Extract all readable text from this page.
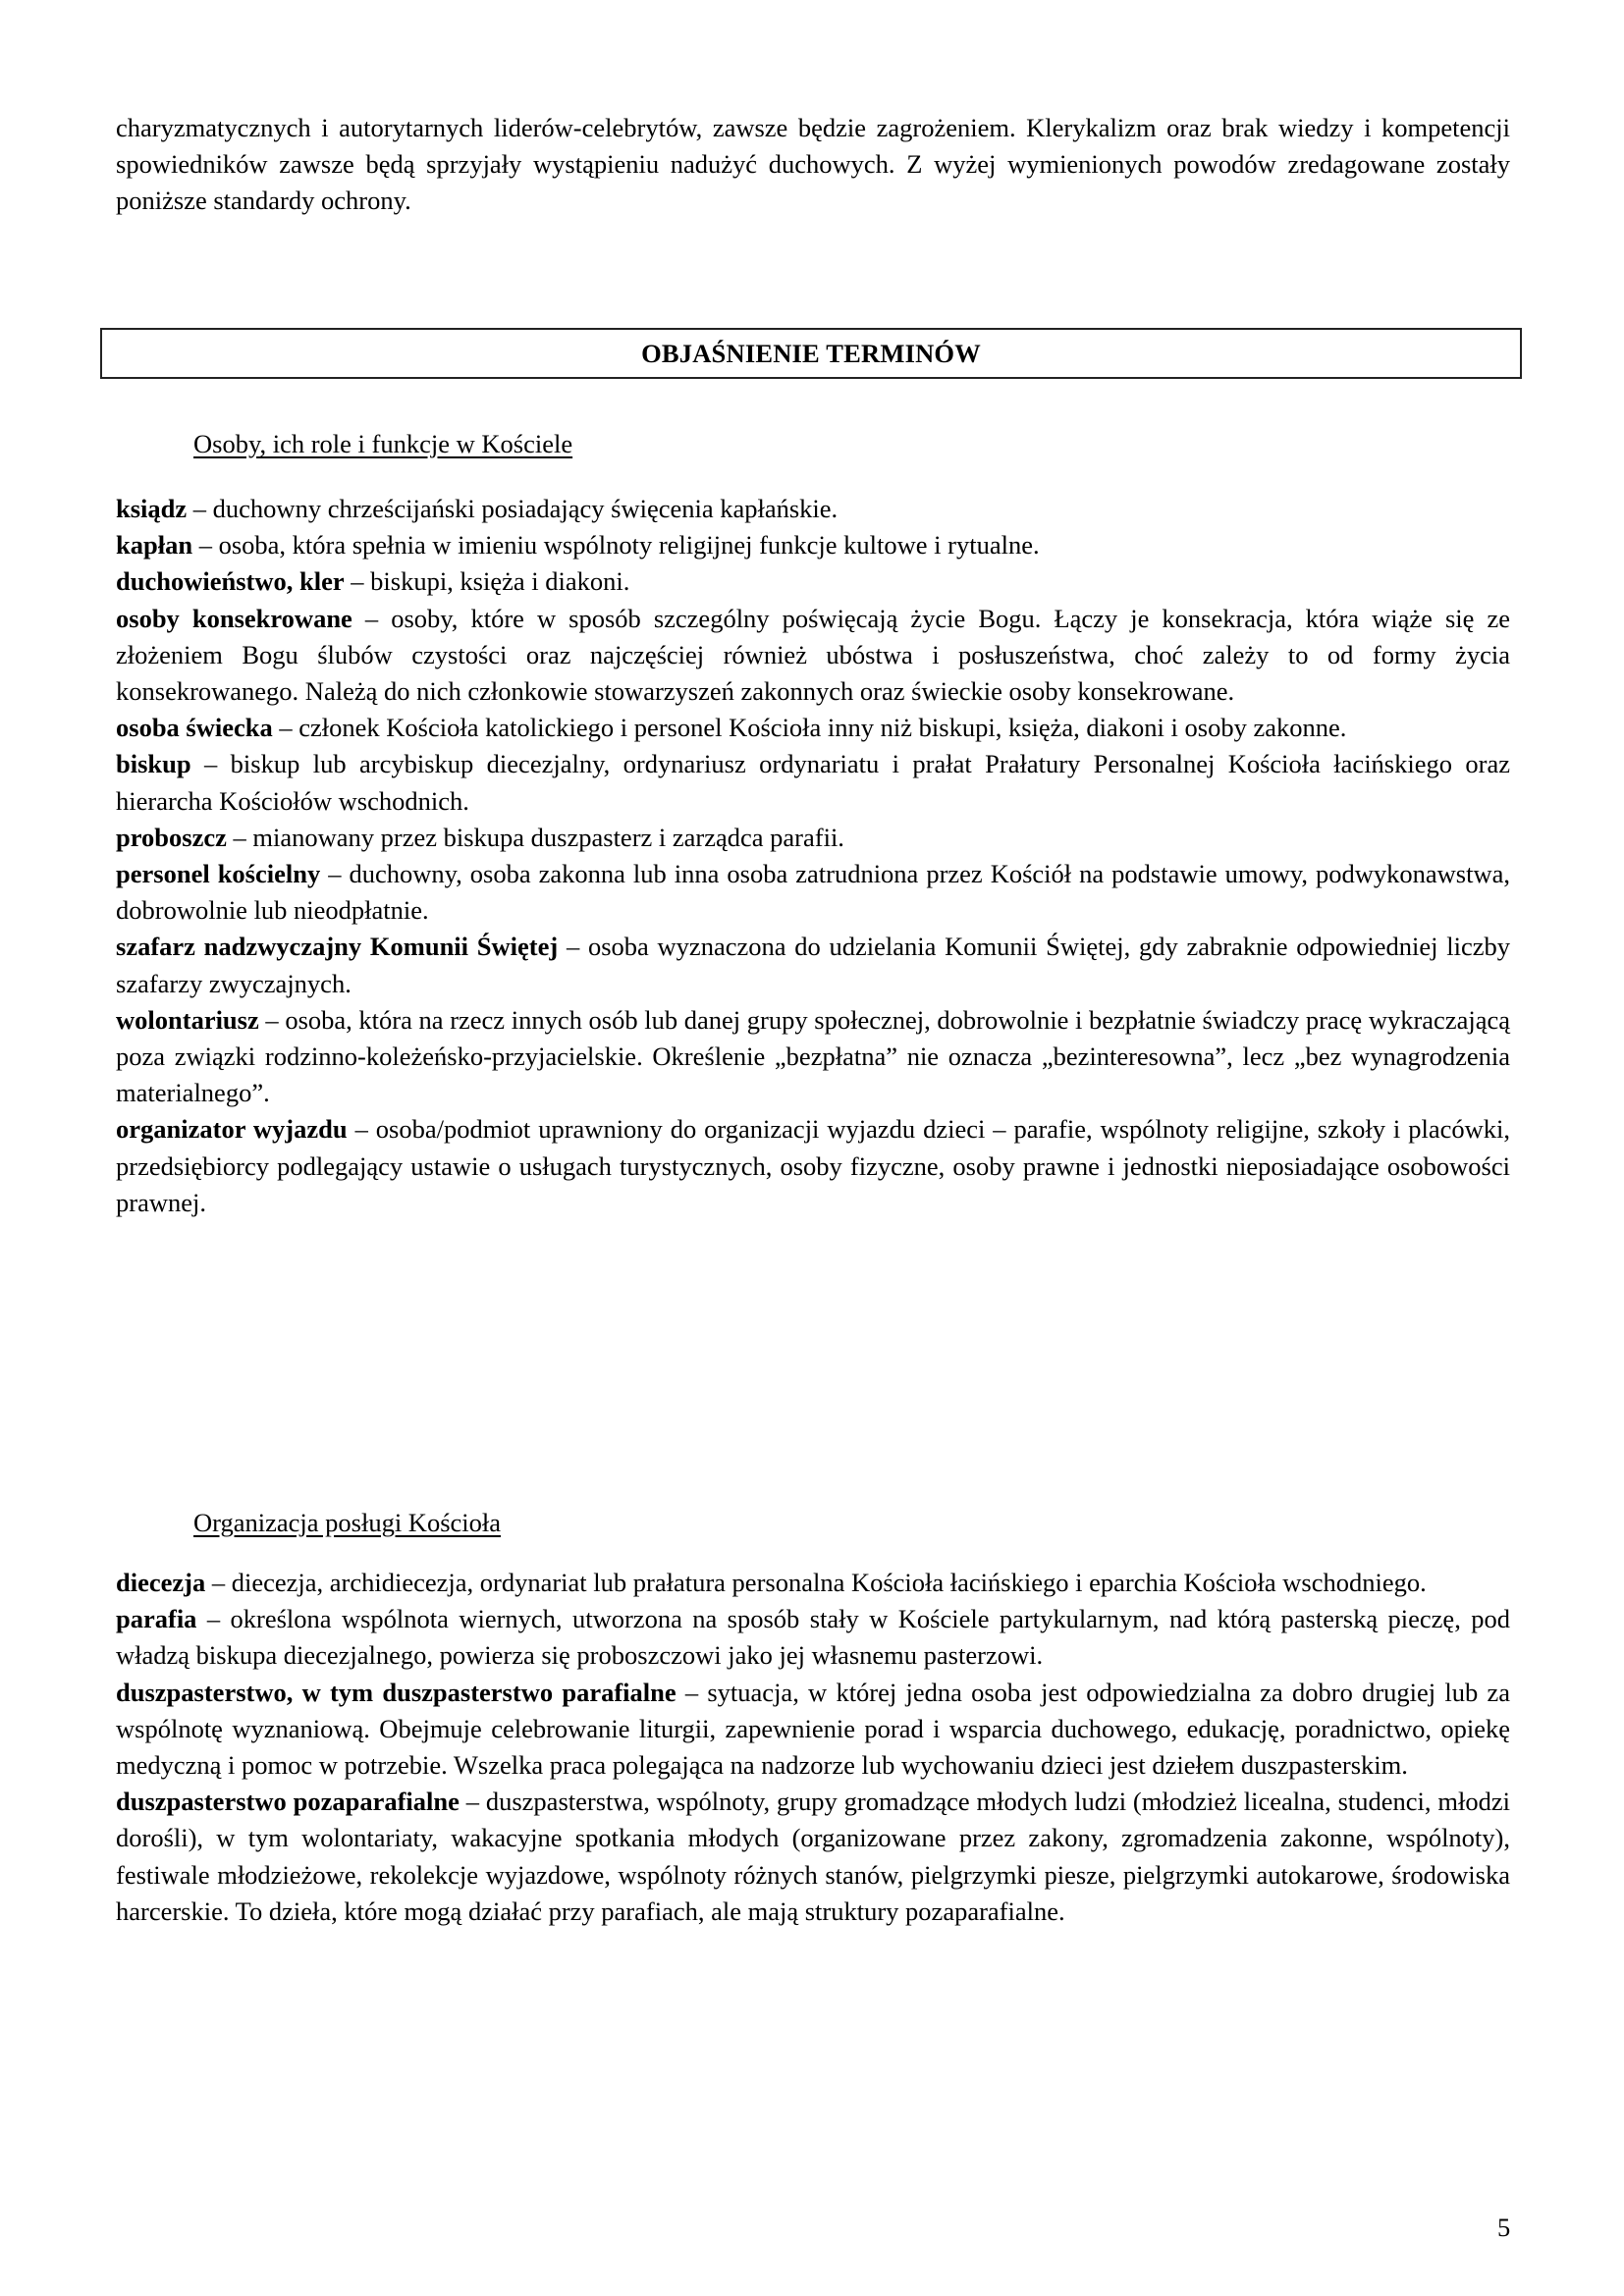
charyzmatycznych i autorytarnych liderów-celebrytów, zawsze będzie zagrożeniem. Klerykalizm oraz brak wiedzy i kompetencji spowiedników zawsze będą sprzyjały wystąpieniu nadużyć duchowych. Z wyżej wymienionych powodów zredagowane zostały poniższe standardy ochrony.

OBJAŚNIENIE TERMINÓW
Osoby, ich role i funkcje w Kościele

ksiądz – duchowny chrześcijański posiadający święcenia kapłańskie.

kapłan – osoba, która spełnia w imieniu wspólnoty religijnej funkcje kultowe i rytualne.

duchowieństwo, kler – biskupi, księża i diakoni.

osoby konsekrowane – osoby, które w sposób szczególny poświęcają życie Bogu. Łączy je konsekracja, która wiąże się ze złożeniem Bogu ślubów czystości oraz najczęściej również ubóstwa i posłuszeństwa, choć zależy to od formy życia konsekrowanego. Należą do nich członkowie stowarzyszeń zakonnych oraz świeckie osoby konsekrowane.

osoba świecka – członek Kościoła katolickiego i personel Kościoła inny niż biskupi, księża, diakoni i osoby zakonne.

biskup – biskup lub arcybiskup diecezjalny, ordynariusz ordynariatu i prałat Prałatury Personalnej Kościoła łacińskiego oraz hierarcha Kościołów wschodnich.

proboszcz – mianowany przez biskupa duszpasterz i zarządca parafii.

personel kościelny – duchowny, osoba zakonna lub inna osoba zatrudniona przez Kościół na podstawie umowy, podwykonawstwa, dobrowolnie lub nieodpłatnie.

szafarz nadzwyczajny Komunii Świętej – osoba wyznaczona do udzielania Komunii Świętej, gdy zabraknie odpowiedniej liczby szafarzy zwyczajnych.

wolontariusz – osoba, która na rzecz innych osób lub danej grupy społecznej, dobrowolnie i bezpłatnie świadczy pracę wykraczającą poza związki rodzinno-koleżeńsko-przyjacielskie. Określenie „bezpłatna” nie oznacza „bezinteresowna”, lecz „bez wynagrodzenia materialnego”.

organizator wyjazdu – osoba/podmiot uprawniony do organizacji wyjazdu dzieci – parafie, wspólnoty religijne, szkoły i placówki, przedsiębiorcy podlegający ustawie o usługach turystycznych, osoby fizyczne, osoby prawne i jednostki nieposiadające osobowości prawnej.

Organizacja posługi Kościoła

diecezja – diecezja, archidiecezja, ordynariat lub prałatura personalna Kościoła łacińskiego i eparchia Kościoła wschodniego.

parafia – określona wspólnota wiernych, utworzona na sposób stały w Kościele partykularnym, nad którą pasterską pieczę, pod władzą biskupa diecezjalnego, powierza się proboszczowi jako jej własnemu pasterzowi.

duszpasterstwo, w tym duszpasterstwo parafialne – sytuacja, w której jedna osoba jest odpowiedzialna za dobro drugiej lub za wspólnotę wyznaniową. Obejmuje celebrowanie liturgii, zapewnienie porad i wsparcia duchowego, edukację, poradnictwo, opiekę medyczną i pomoc w potrzebie. Wszelka praca polegająca na nadzorze lub wychowaniu dzieci jest dziełem duszpasterskim.

duszpasterstwo pozaparafialne – duszpasterstwa, wspólnoty, grupy gromadzące młodych ludzi (młodzież licealna, studenci, młodzi dorośli), w tym wolontariaty, wakacyjne spotkania młodych (organizowane przez zakony, zgromadzenia zakonne, wspólnoty), festiwale młodzieżowe, rekolekcje wyjazdowe, wspólnoty różnych stanów, pielgrzymki piesze, pielgrzymki autokarowe, środowiska harcerskie. To dzieła, które mogą działać przy parafiach, ale mają struktury pozaparafialne.

5
